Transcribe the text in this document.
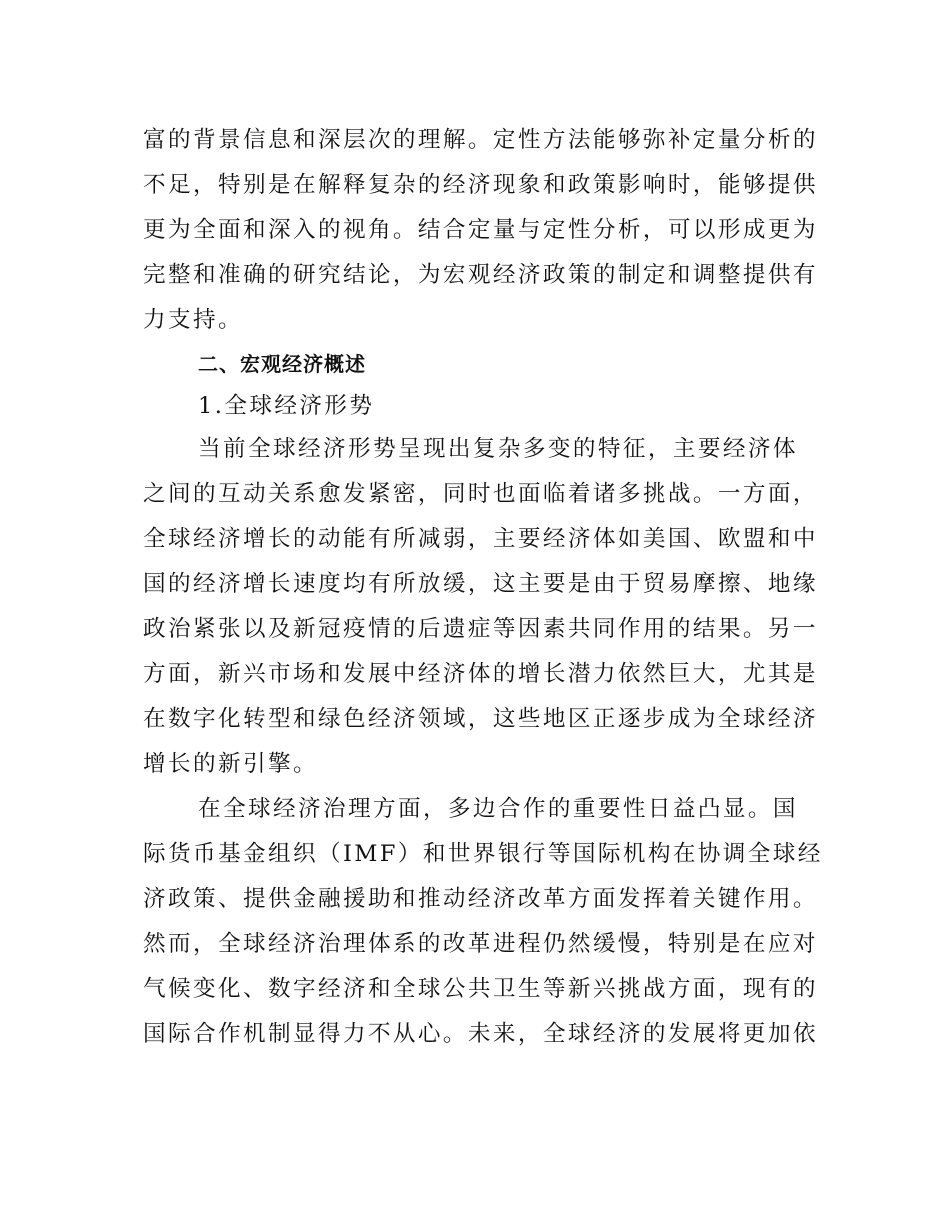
富的背景信息和深层次的理解。定性方法能够弥补定量分析的
不足，特别是在解释复杂的经济现象和政策影响时，能够提供
更为全面和深入的视角。结合定量与定性分析，可以形成更为
完整和准确的研究结论，为宏观经济政策的制定和调整提供有
力支持。
二、宏观经济概述
1.全球经济形势
当前全球经济形势呈现出复杂多变的特征，主要经济体
之间的互动关系愈发紧密，同时也面临着诸多挑战。一方面，
全球经济增长的动能有所减弱，主要经济体如美国、欧盟和中
国的经济增长速度均有所放缓，这主要是由于贸易摩擦、地缘
政治紧张以及新冠疫情的后遗症等因素共同作用的结果。另一
方面，新兴市场和发展中经济体的增长潜力依然巨大，尤其是
在数字化转型和绿色经济领域，这些地区正逐步成为全球经济
增长的新引擎。
在全球经济治理方面，多边合作的重要性日益凸显。国
际货币基金组织（IMF）和世界银行等国际机构在协调全球经
济政策、提供金融援助和推动经济改革方面发挥着关键作用。
然而，全球经济治理体系的改革进程仍然缓慢，特别是在应对
气候变化、数字经济和全球公共卫生等新兴挑战方面，现有的
国际合作机制显得力不从心。未来，全球经济的发展将更加依
